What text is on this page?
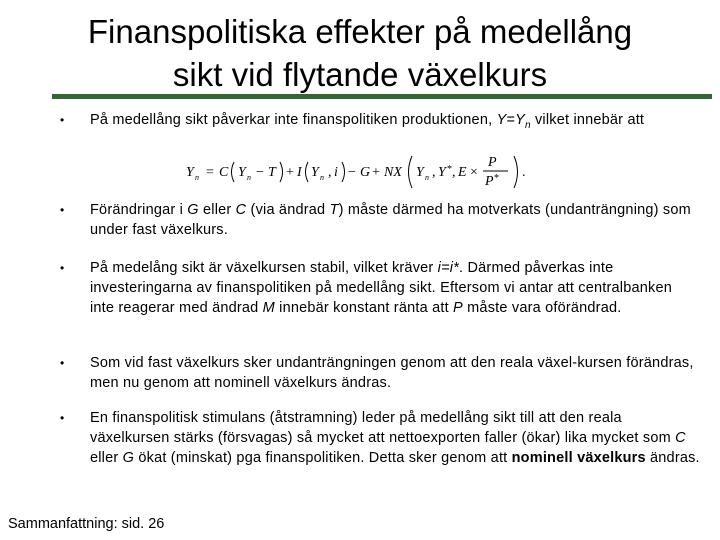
Finanspolitiska effekter på medellång
sikt vid flytande växelkurs
•	På medellång sikt påverkar inte finanspolitiken produktionen, $Y=Y_n$ vilket innebär att
•	Förändringar i G eller C (via ändrad T) måste därmed ha motverkats (undanträngning) som under fast växelkurs.
•	På medelång sikt är växelkursen stabil, vilket kräver i=i*. Därmed påverkas inte investeringarna av finanspolitiken på medellång sikt. Eftersom vi antar att centralbanken inte reagerar med ändrad M innebär konstant ränta att P måste vara oförändrad.
•	Som vid fast växelkurs sker undanträngningen genom att den reala växel-kursen förändras, men nu genom att nominell växelkurs ändras.
•	En finanspolitisk stimulans (åtstramning) leder på medellång sikt till att den reala växelkursen stärks (försvagas) så mycket att nettoexporten faller (ökar) lika mycket som C eller G ökat (minskat) pga finanspolitiken. Detta sker genom att nominell växelkurs ändras.
Y n = C Y n − T + I Y n , i − G + NX Y n , Y * , E ×
P
P * .
Sammanfattning: sid. 26
